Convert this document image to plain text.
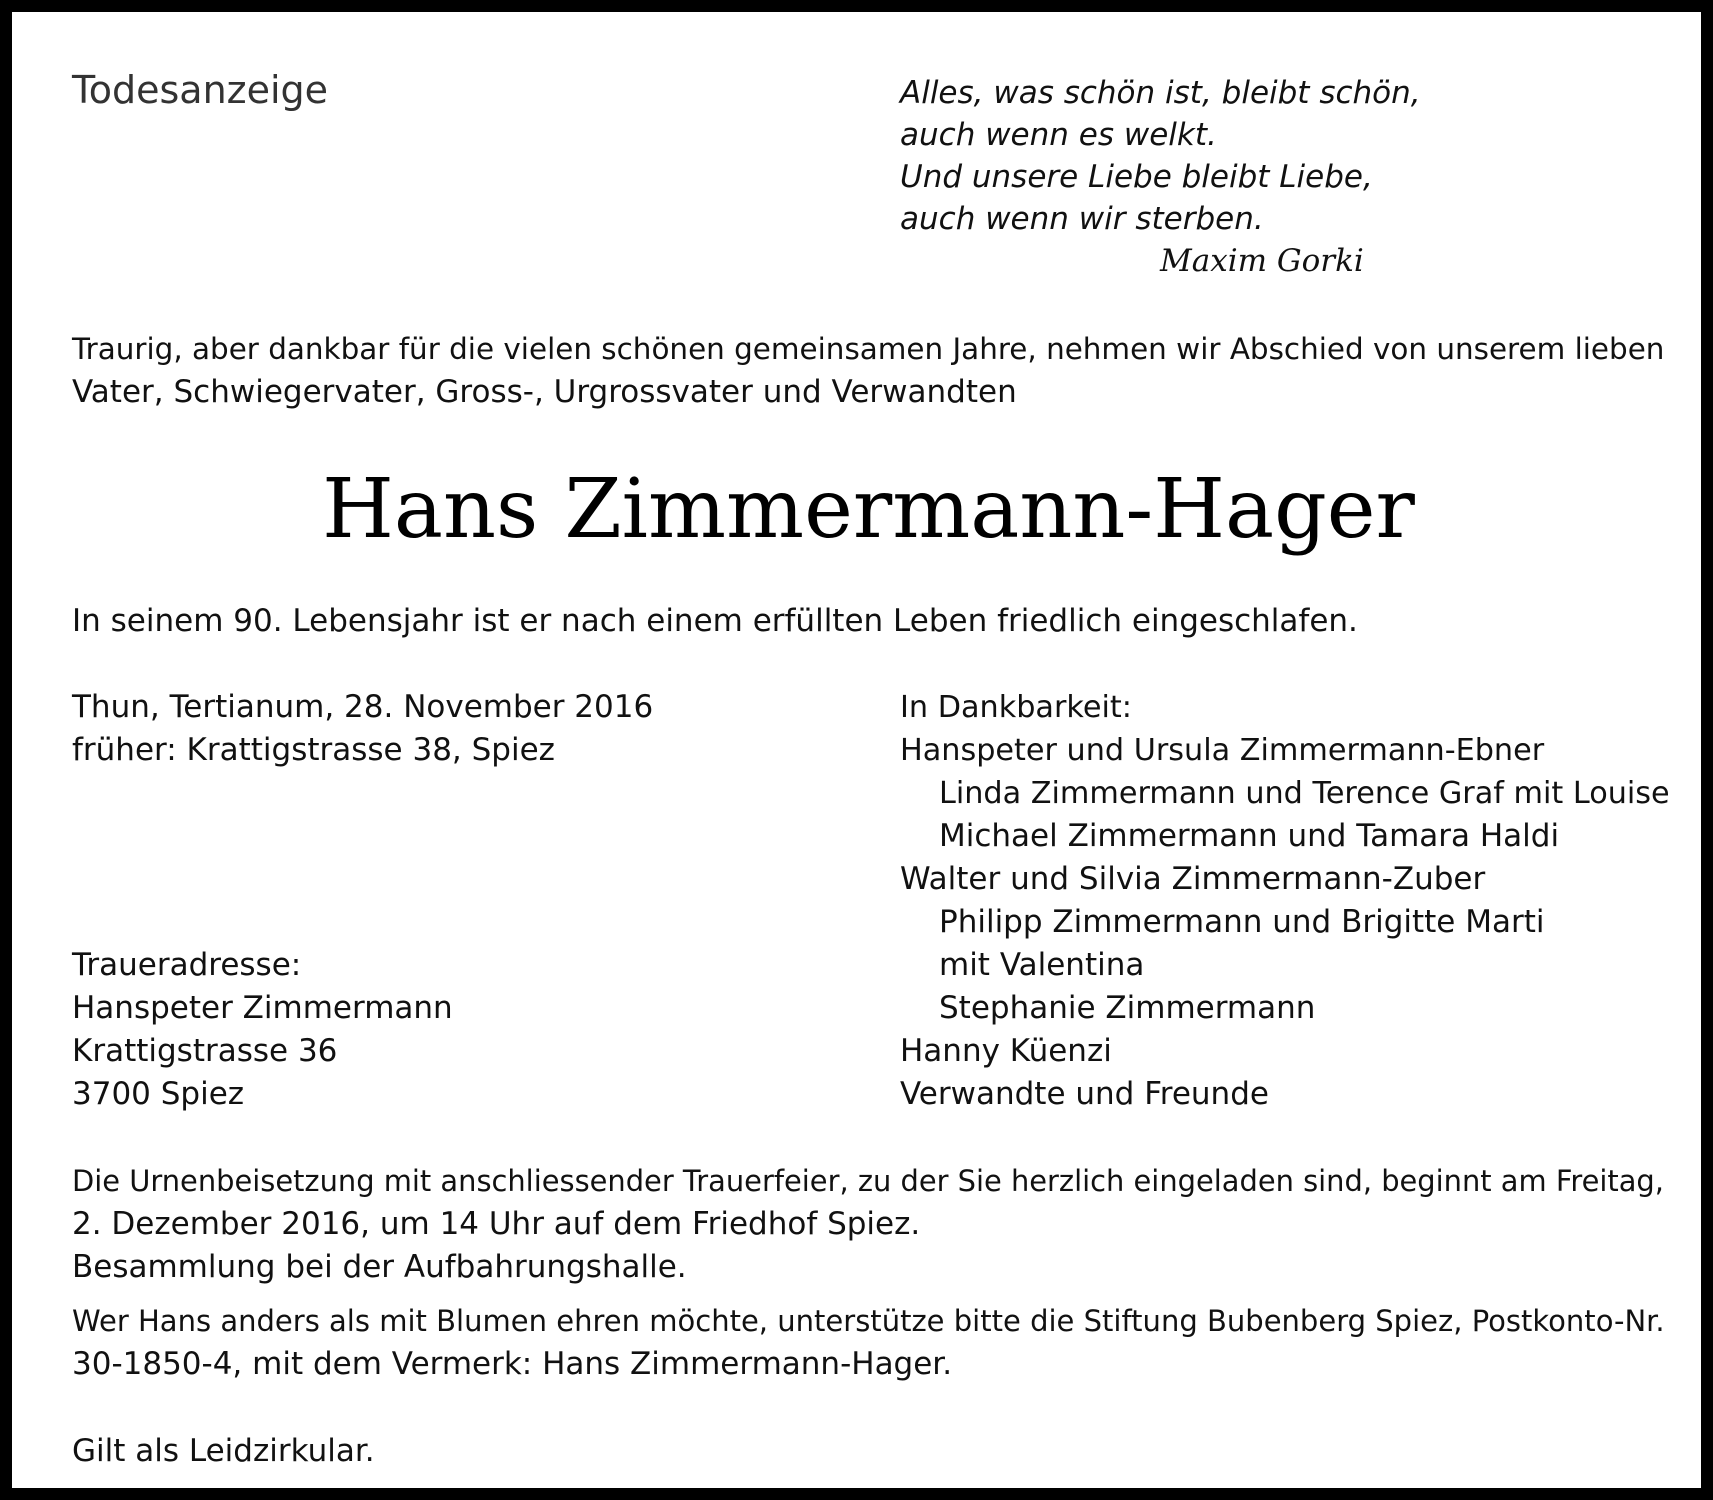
Todesanzeige	Alles, was schön ist, bleibt schön,
auch wenn es welkt.
Und unsere Liebe bleibt Liebe,
auch wenn wir sterben.

Maxim Gorki

Traurig, aber dankbar für die vielen schönen gemeinsamen Jahre, nehmen wir Abschied von unserem lieben
Vater, Schwiegervater, Gross-, Urgrossvater und Verwandten

Hans Zimmermann-Hager

In seinem 90. Lebensjahr ist er nach einem erfüllten Leben friedlich eingeschlafen.

Thun, Tertianum, 28. November 2016
früher: Krattigstrasse 38, Spiez
Traueradresse:
Hanspeter Zimmermann
Krattigstrasse 36
3700 Spiez
In Dankbarkeit:
Hanspeter und Ursula Zimmermann-Ebner
Linda Zimmermann und Terence Graf mit Louise
Michael Zimmermann und Tamara Haldi
Walter und Silvia Zimmermann-Zuber
Philipp Zimmermann und Brigitte Marti
mit Valentina
Stephanie Zimmermann
Hanny Küenzi
Verwandte und Freunde
Die Urnenbeisetzung mit anschliessender Trauerfeier, zu der Sie herzlich eingeladen sind, beginnt am Freitag,
2. Dezember 2016, um 14 Uhr auf dem Friedhof Spiez.
Besammlung bei der Aufbahrungshalle.
Wer Hans anders als mit Blumen ehren möchte, unterstütze bitte die Stiftung Bubenberg Spiez, Postkonto-Nr.
30-1850-4, mit dem Vermerk: Hans Zimmermann-Hager.

Gilt als Leidzirkular.
